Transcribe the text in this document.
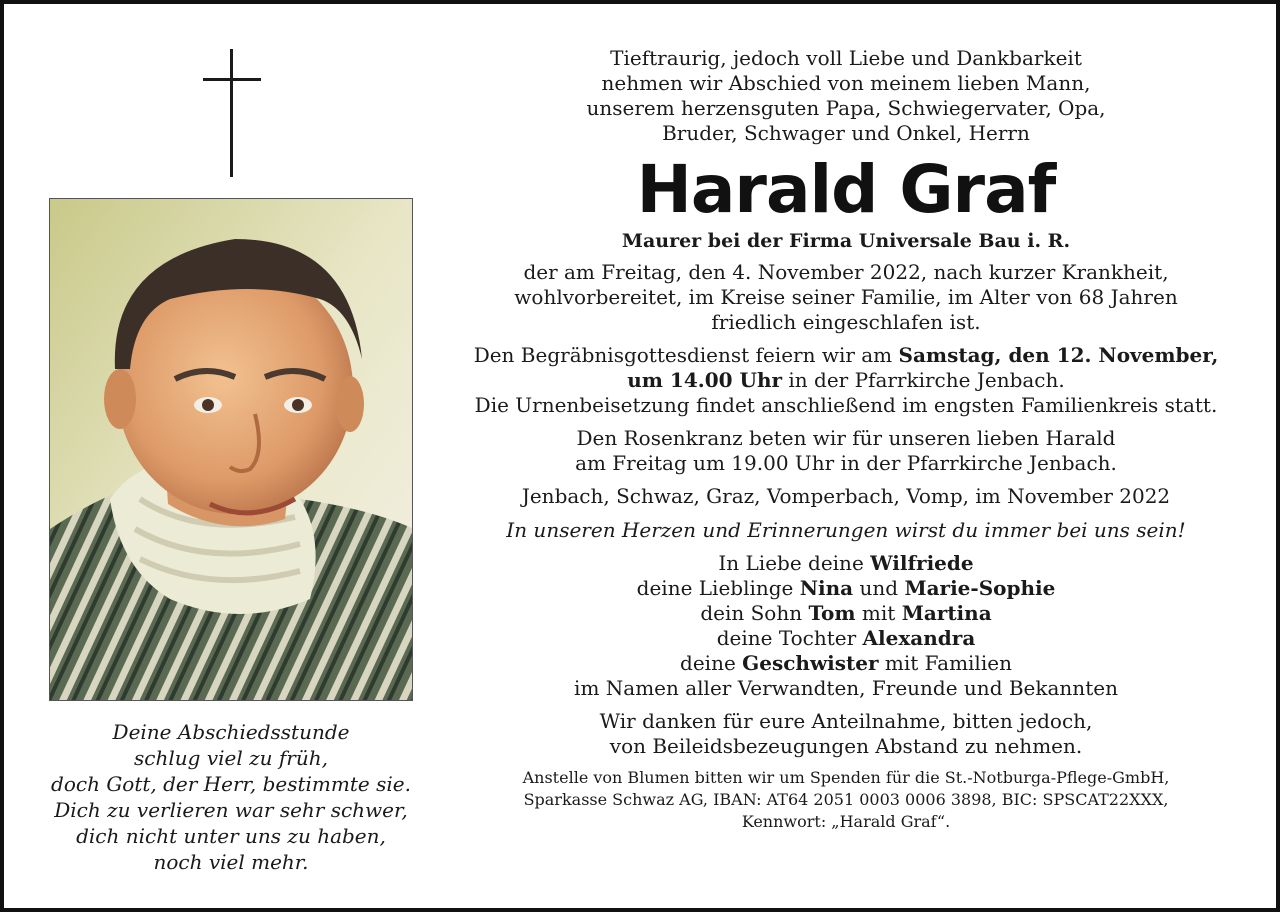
Deine Abschiedsstunde
schlug viel zu früh,
doch Gott, der Herr, bestimmte sie.
Dich zu verlieren war sehr schwer,
dich nicht unter uns zu haben,
noch viel mehr.
Tieftraurig, jedoch voll Liebe und Dankbarkeit
nehmen wir Abschied von meinem lieben Mann,
unserem herzensguten Papa, Schwiegervater, Opa,
Bruder, Schwager und Onkel, Herrn
Harald Graf
Maurer bei der Firma Universale Bau i. R.
der am Freitag, den 4. November 2022, nach kurzer Krankheit,
wohlvorbereitet, im Kreise seiner Familie, im Alter von 68 Jahren
friedlich eingeschlafen ist.
Den Begräbnisgottesdienst feiern wir am Samstag, den 12. November,
um 14.00 Uhr in der Pfarrkirche Jenbach.
Die Urnenbeisetzung findet anschließend im engsten Familienkreis statt.
Den Rosenkranz beten wir für unseren lieben Harald
am Freitag um 19.00 Uhr in der Pfarrkirche Jenbach.
Jenbach, Schwaz, Graz, Vomperbach, Vomp, im November 2022
In unseren Herzen und Erinnerungen wirst du immer bei uns sein!
In Liebe deine Wilfriede
deine Lieblinge Nina und Marie-Sophie
dein Sohn Tom mit Martina
deine Tochter Alexandra
deine Geschwister mit Familien
im Namen aller Verwandten, Freunde und Bekannten
Wir danken für eure Anteilnahme, bitten jedoch,
von Beileidsbezeugungen Abstand zu nehmen.
Anstelle von Blumen bitten wir um Spenden für die St.-Notburga-Pflege-GmbH,
Sparkasse Schwaz AG, IBAN: AT64 2051 0003 0006 3898, BIC: SPSCAT22XXX,
Kennwort: „Harald Graf“.
